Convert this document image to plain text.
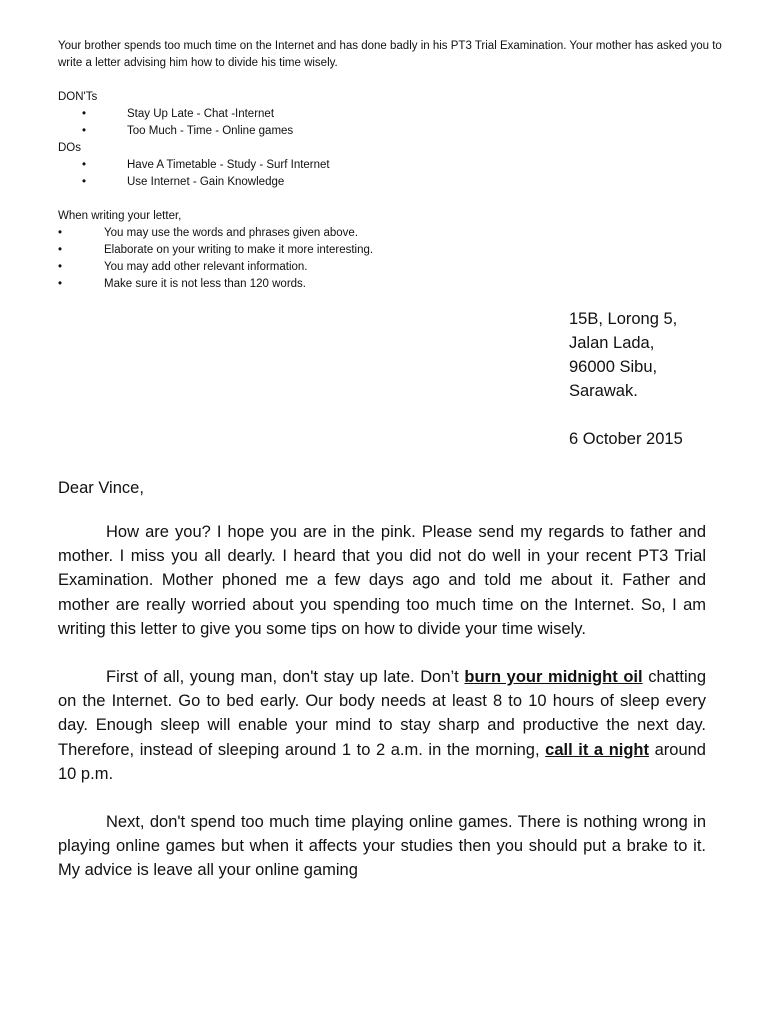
Your brother spends too much time on the Internet and has done badly in his PT3 Trial Examination. Your mother has asked you to write a letter advising him how to divide his time wisely.

DON'Ts

•	Stay Up Late - Chat -Internet
•	Too Much - Time - Online games

DOs

•	Have A Timetable - Study - Surf Internet
•	Use Internet - Gain Knowledge

When writing your letter,

•	You may use the words and phrases given above.
•	Elaborate on your writing to make it more interesting.
•	You may add other relevant information.
•	Make sure it is not less than 120 words.
15B, Lorong 5,
Jalan Lada,
96000 Sibu,
Sarawak.
6 October 2015
Dear Vince,

How are you? I hope you are in the pink. Please send my regards to father and mother. I miss you all dearly. I heard that you did not do well in your recent PT3 Trial Examination. Mother phoned me a few days ago and told me about it. Father and mother are really worried about you spending too much time on the Internet. So, I am writing this letter to give you some tips on how to divide your time wisely.

First of all, young man, don't stay up late. Don’t burn your midnight oil chatting on the Internet. Go to bed early. Our body needs at least 8 to 10 hours of sleep every day. Enough sleep will enable your mind to stay sharp and productive the next day. Therefore, instead of sleeping around 1 to 2 a.m. in the morning, call it a night around 10 p.m.

Next, don't spend too much time playing online games. There is nothing wrong in playing online games but when it affects your studies then you should put a brake to it. My advice is leave all your online gaming
